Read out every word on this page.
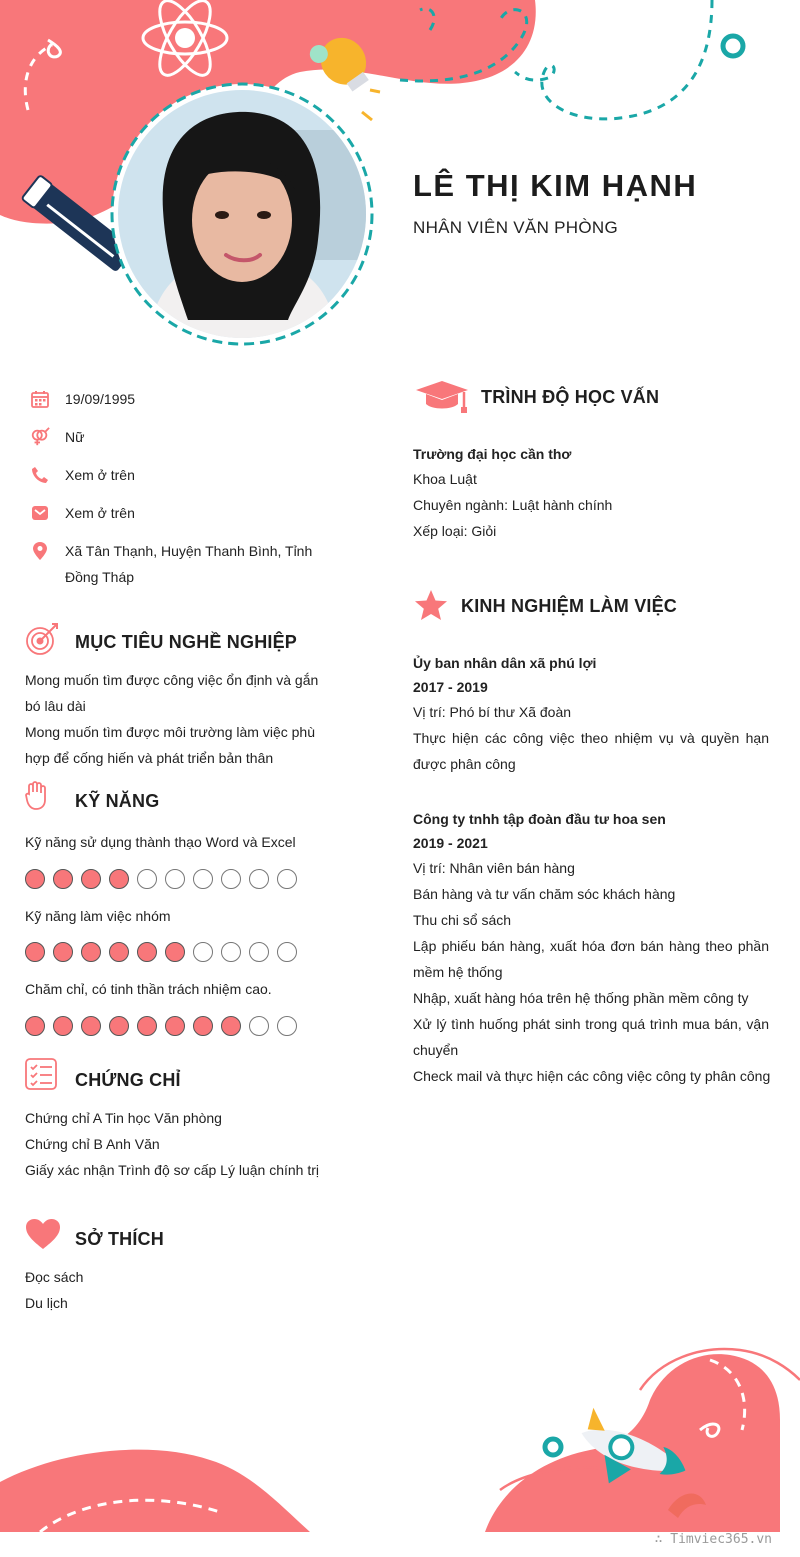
LÊ THỊ KIM HẠNH
NHÂN VIÊN VĂN PHÒNG
19/09/1995
Nữ
Xem ở trên
Xem ở trên
Xã Tân Thạnh, Huyện Thanh Bình, Tỉnh Đồng Tháp
MỤC TIÊU NGHỀ NGHIỆP
Mong muốn tìm được công việc ổn định và gắn bó lâu dài
Mong muốn tìm được môi trường làm việc phù hợp để cống hiến và phát triển bản thân
KỸ NĂNG
Kỹ năng sử dụng thành thạo Word và Excel
Kỹ năng làm việc nhóm
Chăm chỉ, có tinh thần trách nhiệm cao.
CHỨNG CHỈ
Chứng chỉ A Tin học Văn phòng
Chứng chỉ B Anh Văn
Giấy xác nhận Trình độ sơ cấp Lý luận chính trị
SỞ THÍCH
Đọc sách
Du lịch
TRÌNH ĐỘ HỌC VẤN
Trường đại học cần thơ
Khoa Luật
Chuyên ngành: Luật hành chính
Xếp loại: Giỏi
KINH NGHIỆM LÀM VIỆC
Ủy ban nhân dân xã phú lợi
2017 - 2019
Vị trí: Phó bí thư Xã đoàn
Thực hiện các công việc theo nhiệm vụ và quyền hạn được phân công
Công ty tnhh tập đoàn đầu tư hoa sen
2019 - 2021
Vị trí: Nhân viên bán hàng
Bán hàng và tư vấn chăm sóc khách hàng
Thu chi sổ sách
Lập phiếu bán hàng, xuất hóa đơn bán hàng theo phần mềm hệ thống
Nhập, xuất hàng hóa trên hệ thống phần mềm công ty
Xử lý tình huống phát sinh trong quá trình mua bán, vận chuyển
Check mail và thực hiện các công việc công ty phân công
∴ Timviec365.vn
